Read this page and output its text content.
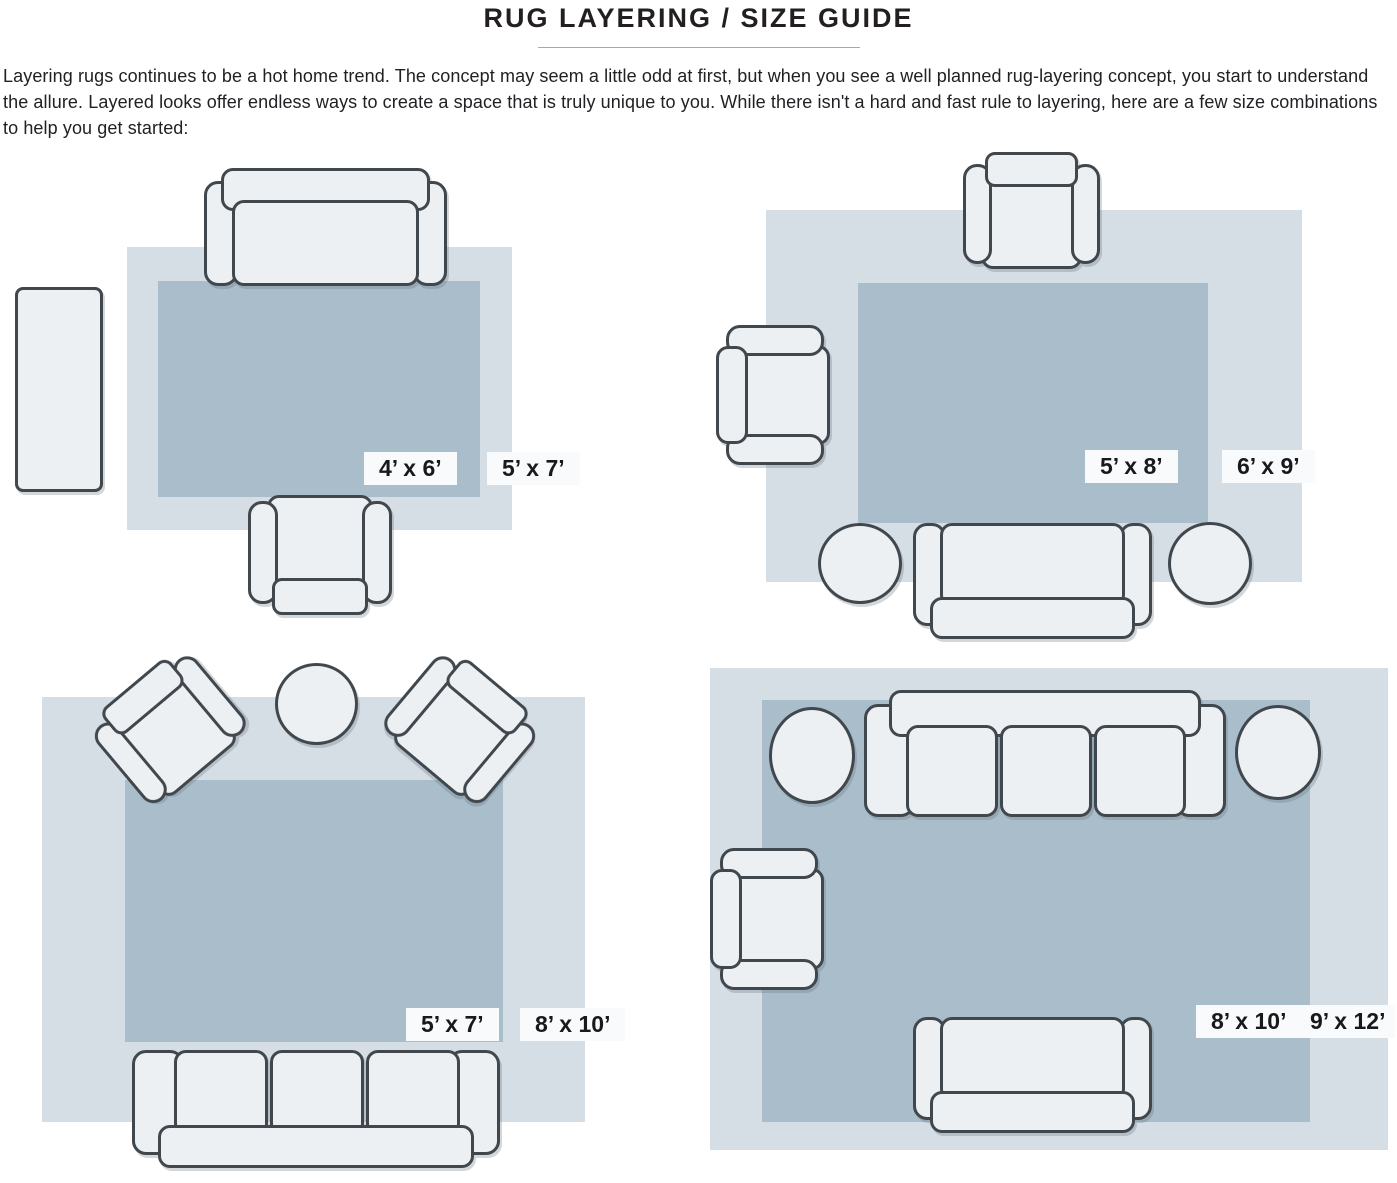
RUG LAYERING / SIZE GUIDE
Layering rugs continues to be a hot home trend. The concept may seem a little odd at first, but when you see a well planned rug-layering concept, you start to understand the allure. Layered looks offer endless ways to create a space that is truly unique to you. While there isn't a hard and fast rule to layering, here are a few size combinations to help you get started:
4’ x 6’	5’ x 7’	5’ x 8’	6’ x 9’
5’ x 7’	8’ x 10’	8’ x 10’	9’ x 12’
